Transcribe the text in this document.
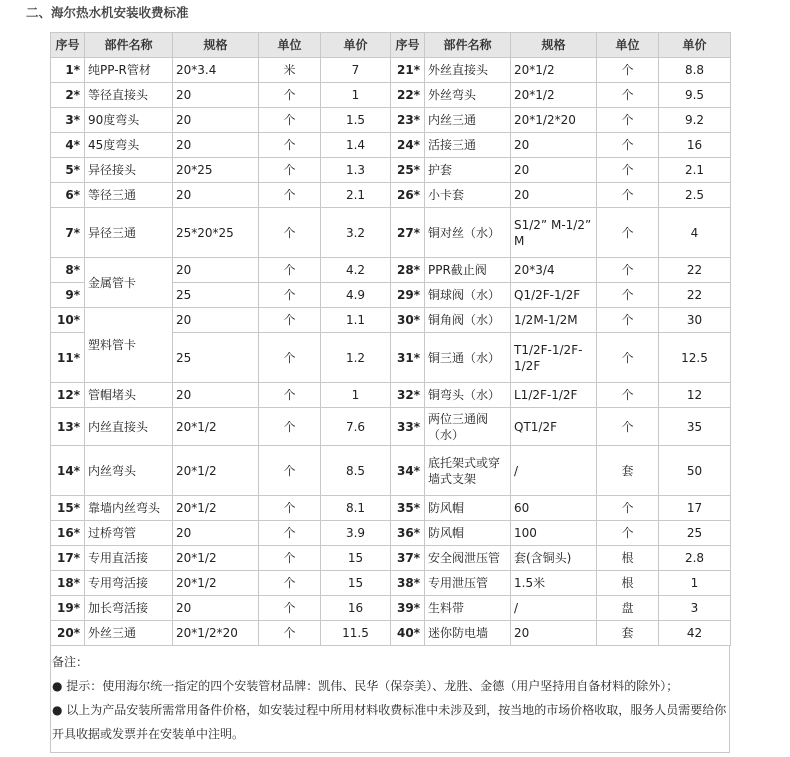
二、海尔热水机安装收费标准
序号	部件名称	规格	单位	单价	序号	部件名称	规格	单位	单价
1*	纯PP-R管材	20*3.4	米	7	21*	外丝直接头	20*1/2	个	8.8
2*	等径直接头	20	个	1	22*	外丝弯头	20*1/2	个	9.5
3*	90度弯头	20	个	1.5	23*	内丝三通	20*1/2*20	个	9.2
4*	45度弯头	20	个	1.4	24*	活接三通	20	个	16
5*	异径接头	20*25	个	1.3	25*	护套	20	个	2.1
6*	等径三通	20	个	2.1	26*	小卡套	20	个	2.5
7*	异径三通	25*20*25	个	3.2	27*	铜对丝（水）	S1/2” M-1/2” M	个	4
8*	金属管卡	20	个	4.2	28*	PPR截止阀	20*3/4	个	22
9*		25	个	4.9	29*	铜球阀（水）	Q1/2F-1/2F	个	22
10*	塑料管卡	20	个	1.1	30*	铜角阀（水）	1/2M-1/2M	个	30
11*		25	个	1.2	31*	铜三通（水）	T1/2F-1/2F-1/2F	个	12.5
12*	管帽堵头	20	个	1	32*	铜弯头（水）	L1/2F-1/2F	个	12
13*	内丝直接头	20*1/2	个	7.6	33*	两位三通阀（水）	QT1/2F	个	35
14*	内丝弯头	20*1/2	个	8.5	34*	底托架式或穿墙式支架	/	套	50
15*	靠墙内丝弯头	20*1/2	个	8.1	35*	防风帽	60	个	17
16*	过桥弯管	20	个	3.9	36*	防风帽	100	个	25
17*	专用直活接	20*1/2	个	15	37*	安全阀泄压管	套(含铜头)	根	2.8
18*	专用弯活接	20*1/2	个	15	38*	专用泄压管	1.5米	根	1
19*	加长弯活接	20	个	16	39*	生料带	/	盘	3
20*	外丝三通	20*1/2*20	个	11.5	40*	迷你防电墙	20	套	42
备注：
● 提示：使用海尔统一指定的四个安装管材品牌：凯伟、民华（保奈美）、龙胜、金德（用户坚持用自备材料的除外）；
● 以上为产品安装所需常用备件价格，如安装过程中所用材料收费标准中未涉及到，按当地的市场价格收取，服务人员需要给你开具收据或发票并在安装单中注明。
